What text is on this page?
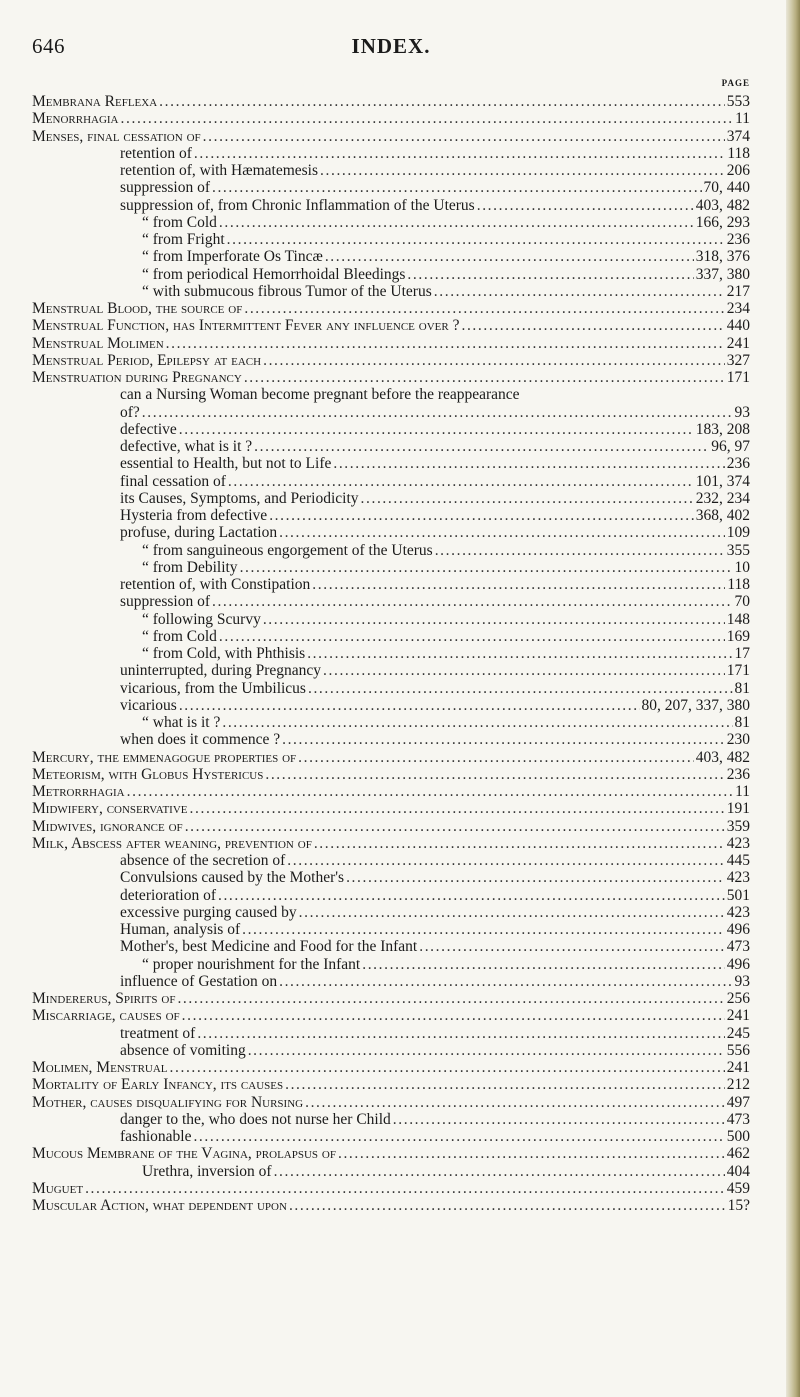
646	INDEX.
PAGE
Membrana Reflexa .....	553
Menorrhagia .....	11
Menses, final cessation of .....	374
retention of .....	118
retention of, with Hæmatemesis .....	206
suppression of .....	70, 440
suppression of, from Chronic Inflammation of the Uterus .....	403, 482
“ from Cold .....	166, 293
“ from Fright .....	236
“ from Imperforate Os Tincæ .....	318, 376
“ from periodical Hemorrhoidal Bleedings .....	337, 380
“ with submucous fibrous Tumor of the Uterus .....	217
Menstrual Blood, the source of .....	234
Menstrual Function, has Intermittent Fever any influence over ? .....	440
Menstrual Molimen .....	241
Menstrual Period, Epilepsy at each .....	327
Menstruation during Pregnancy .....	171
can a Nursing Woman become pregnant before the reappearance
of? .....	93
defective .....	183, 208
defective, what is it ? .....	96, 97
essential to Health, but not to Life .....	236
final cessation of .....	101, 374
its Causes, Symptoms, and Periodicity .....	232, 234
Hysteria from defective .....	368, 402
profuse, during Lactation .....	109
“ from sanguineous engorgement of the Uterus .....	355
“ from Debility .....	10
retention of, with Constipation .....	118
suppression of .....	70
“ following Scurvy .....	148
“ from Cold .....	169
“ from Cold, with Phthisis .....	17
uninterrupted, during Pregnancy .....	171
vicarious, from the Umbilicus .....	81
vicarious .....	80, 207, 337, 380
“ what is it ? .....	81
when does it commence ? .....	230
Mercury, the emmenagogue properties of .....	403, 482
Meteorism, with Globus Hystericus .....	236
Metrorrhagia .....	11
Midwifery, conservative .....	191
Midwives, ignorance of .....	359
Milk, Abscess after weaning, prevention of .....	423
absence of the secretion of .....	445
Convulsions caused by the Mother's .....	423
deterioration of .....	501
excessive purging caused by .....	423
Human, analysis of .....	496
Mother's, best Medicine and Food for the Infant .....	473
“ proper nourishment for the Infant .....	496
influence of Gestation on .....	93
Mindererus, Spirits of .....	256
Miscarriage, causes of .....	241
treatment of .....	245
absence of vomiting .....	556
Molimen, Menstrual .....	241
Mortality of Early Infancy, its causes .....	212
Mother, causes disqualifying for Nursing .....	497
danger to the, who does not nurse her Child .....	473
fashionable .....	500
Mucous Membrane of the Vagina, prolapsus of .....	462
Urethra, inversion of .....	404
Muguet .....	459
Muscular Action, what dependent upon .....	15?
